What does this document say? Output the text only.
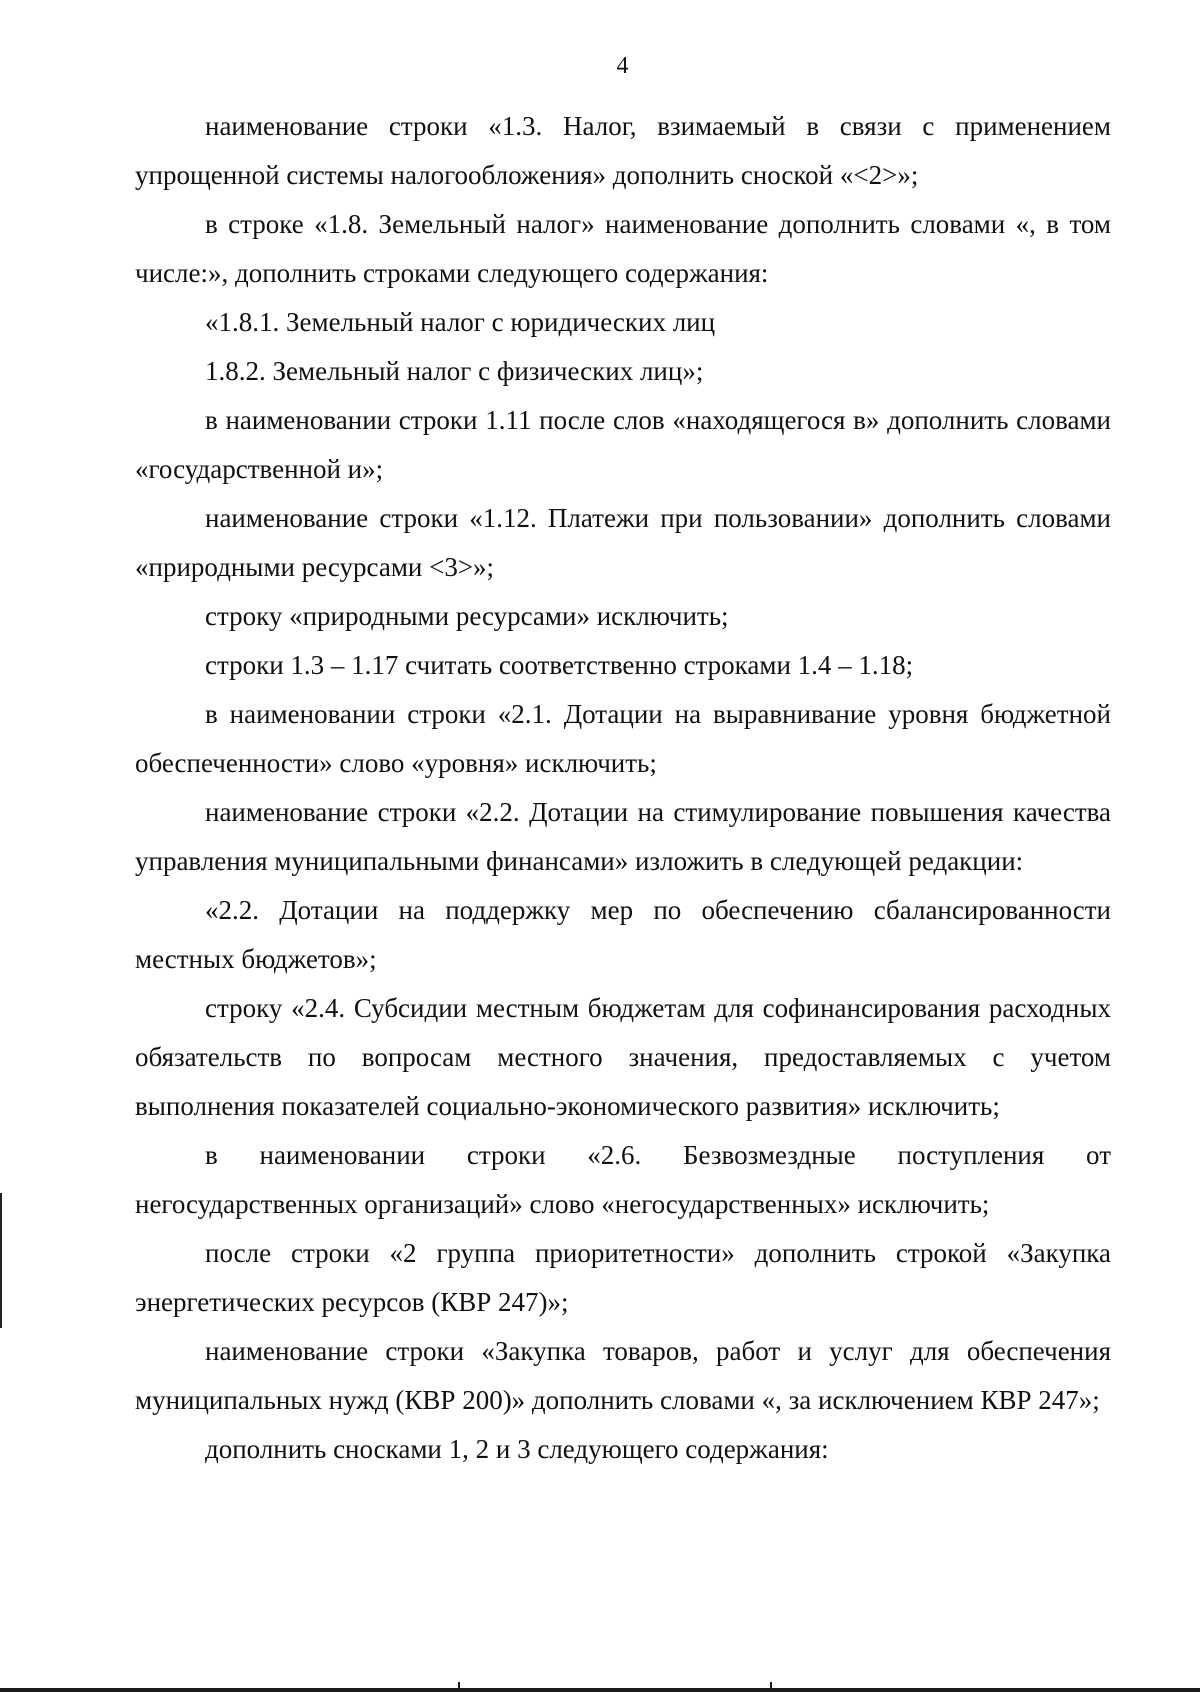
4

наименование строки «1.3. Налог, взимаемый в связи с применением упрощенной системы налогообложения» дополнить сноской «<2>»;

в строке «1.8. Земельный налог» наименование дополнить словами «, в том числе:», дополнить строками следующего содержания:

«1.8.1. Земельный налог с юридических лиц

1.8.2. Земельный налог с физических лиц»;

в наименовании строки 1.11 после слов «находящегося в» дополнить словами «государственной и»;

наименование строки «1.12. Платежи при пользовании» дополнить словами «природными ресурсами <3>»;

строку «природными ресурсами» исключить;

строки 1.3 – 1.17 считать соответственно строками 1.4 – 1.18;

в наименовании строки «2.1. Дотации на выравнивание уровня бюджетной обеспеченности» слово «уровня» исключить;

наименование строки «2.2. Дотации на стимулирование повышения качества управления муниципальными финансами» изложить в следующей редакции:

«2.2. Дотации на поддержку мер по обеспечению сбалансированности местных бюджетов»;

строку «2.4. Субсидии местным бюджетам для софинансирования расходных обязательств по вопросам местного значения, предоставляемых с учетом выполнения показателей социально-экономического развития» исключить;

в наименовании строки «2.6. Безвозмездные поступления от негосударственных организаций» слово «негосударственных» исключить;

после строки «2 группа приоритетности» дополнить строкой «Закупка энергетических ресурсов (КВР 247)»;

наименование строки «Закупка товаров, работ и услуг для обеспечения муниципальных нужд (КВР 200)» дополнить словами «, за исключением КВР 247»;

дополнить сносками 1, 2 и 3 следующего содержания:
